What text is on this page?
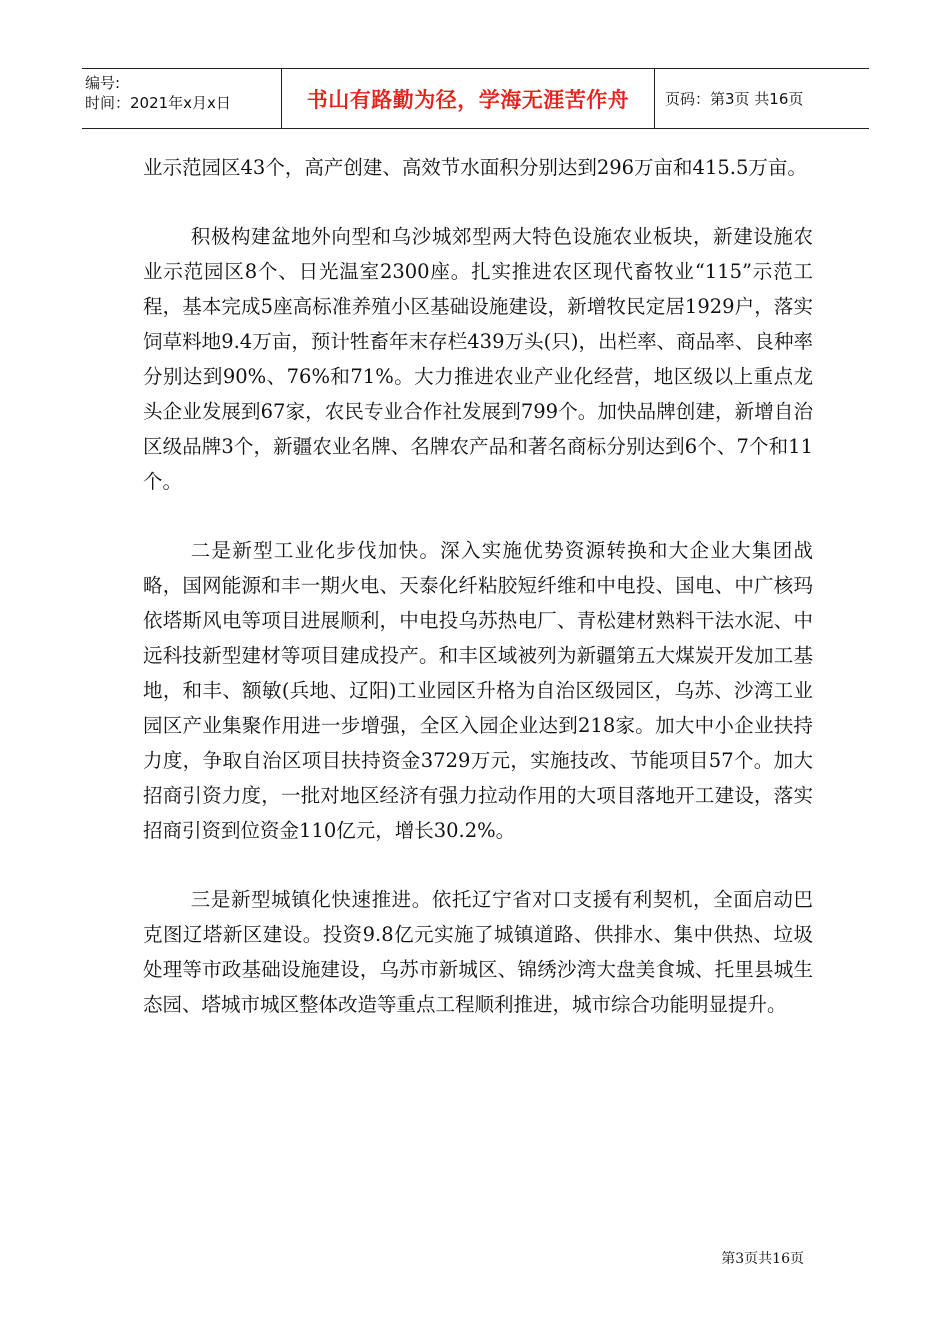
编号:
时间：2021年x月x日	书山有路勤为径，学海无涯苦作舟	页码：第3页 共16页

业示范园区43个，高产创建、高效节水面积分别达到296万亩和415.5万亩。

积极构建盆地外向型和乌沙城郊型两大特色设施农业板块，新建设施农业示范园区8个、日光温室2300座。扎实推进农区现代畜牧业“115”示范工程，基本完成5座高标准养殖小区基础设施建设，新增牧民定居1929户，落实饲草料地9.4万亩，预计牲畜年末存栏439万头(只)，出栏率、商品率、良种率分别达到90%、76%和71%。大力推进农业产业化经营，地区级以上重点龙头企业发展到67家，农民专业合作社发展到799个。加快品牌创建，新增自治区级品牌3个，新疆农业名牌、名牌农产品和著名商标分别达到6个、7个和11个。

二是新型工业化步伐加快。深入实施优势资源转换和大企业大集团战略，国网能源和丰一期火电、天泰化纤粘胶短纤维和中电投、国电、中广核玛依塔斯风电等项目进展顺利，中电投乌苏热电厂、青松建材熟料干法水泥、中远科技新型建材等项目建成投产。和丰区域被列为新疆第五大煤炭开发加工基地，和丰、额敏(兵地、辽阳)工业园区升格为自治区级园区，乌苏、沙湾工业园区产业集聚作用进一步增强，全区入园企业达到218家。加大中小企业扶持力度，争取自治区项目扶持资金3729万元，实施技改、节能项目57个。加大招商引资力度，一批对地区经济有强力拉动作用的大项目落地开工建设，落实招商引资到位资金110亿元，增长30.2%。

三是新型城镇化快速推进。依托辽宁省对口支援有利契机，全面启动巴克图辽塔新区建设。投资9.8亿元实施了城镇道路、供排水、集中供热、垃圾处理等市政基础设施建设，乌苏市新城区、锦绣沙湾大盘美食城、托里县城生态园、塔城市城区整体改造等重点工程顺利推进，城市综合功能明显提升。

第3页共16页
